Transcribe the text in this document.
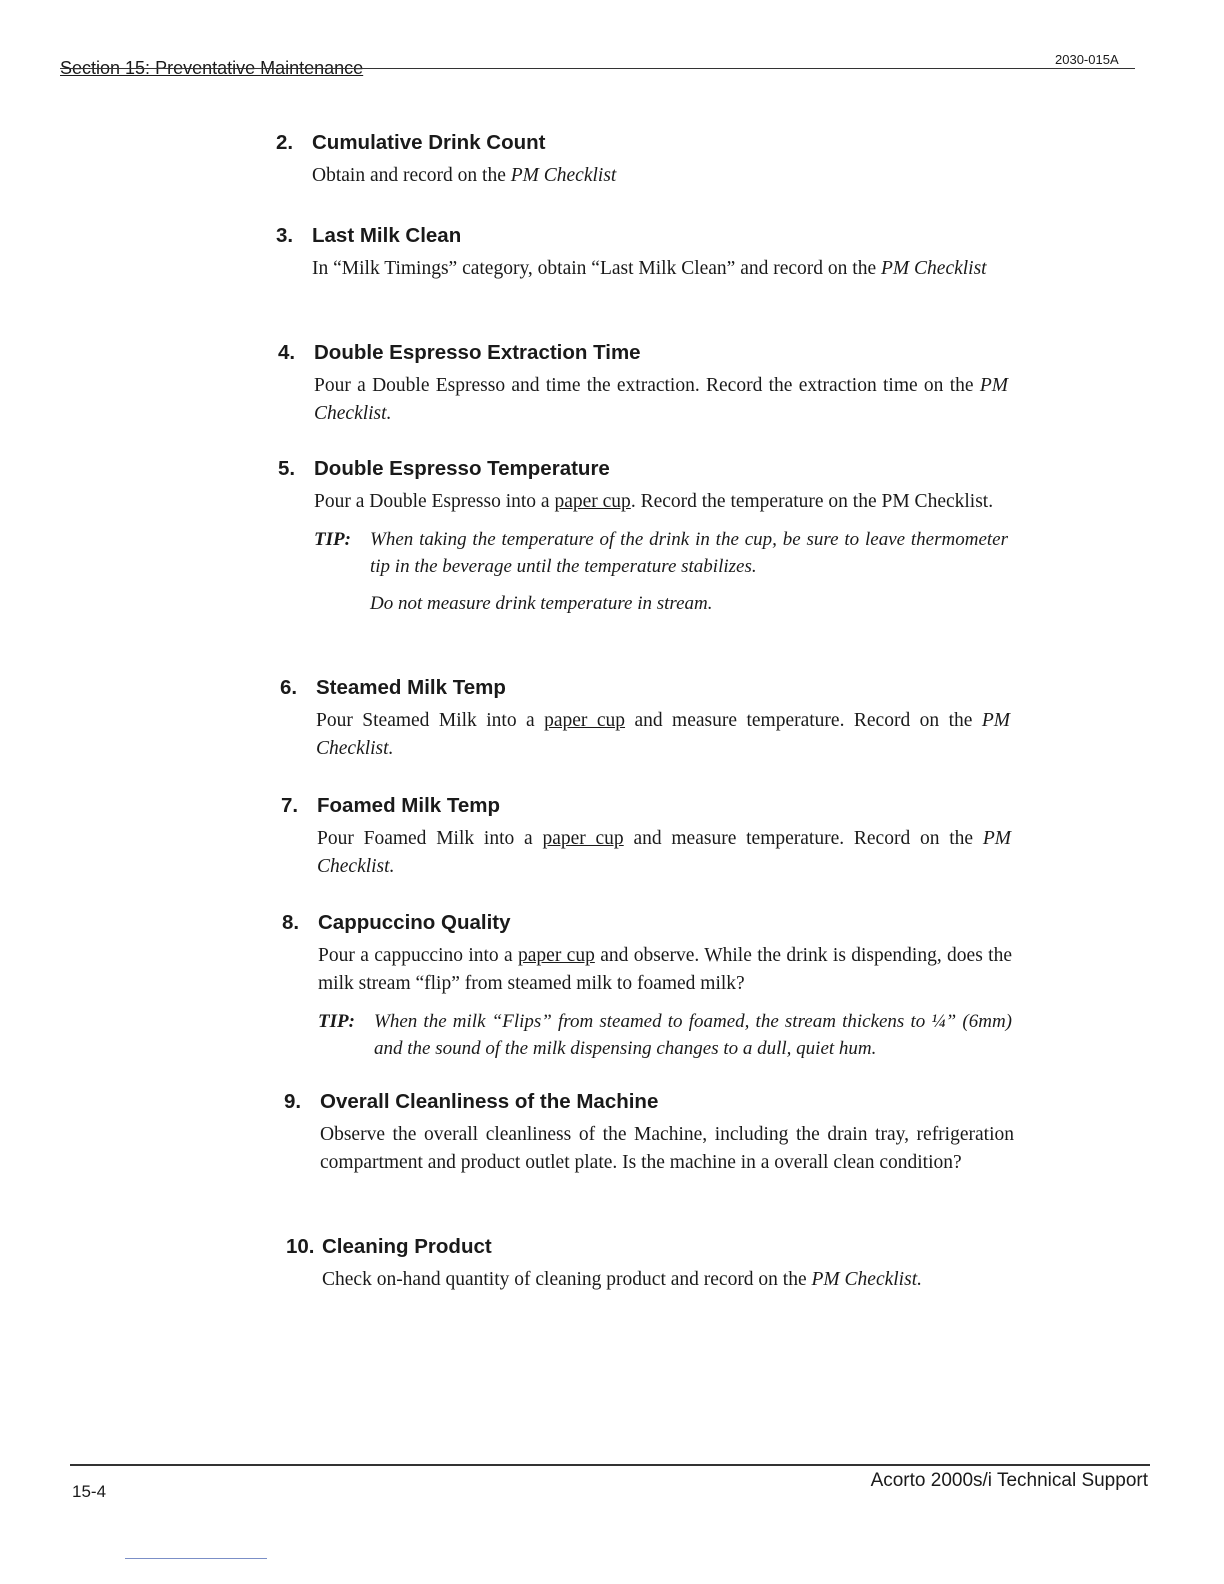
Section 15: Preventative Maintenance	2030-015A
2. Cumulative Drink Count

Obtain and record on the PM Checklist

3. Last Milk Clean

In “Milk Timings” category, obtain “Last Milk Clean” and record on the PM Checklist

4. Double Espresso Extraction Time

Pour a Double Espresso and time the extraction. Record the extraction time on the PM Checklist.

5. Double Espresso Temperature

Pour a Double Espresso into a paper cup. Record the temperature on the PM Checklist.

TIP: When taking the temperature of the drink in the cup, be sure to leave thermometer tip in the beverage until the temperature stabilizes.

Do not measure drink temperature in stream.

6. Steamed Milk Temp

Pour Steamed Milk into a paper cup and measure temperature. Record on the PM Checklist.

7. Foamed Milk Temp

Pour Foamed Milk into a paper cup and measure temperature. Record on the PM Checklist.

8. Cappuccino Quality

Pour a cappuccino into a paper cup and observe. While the drink is dispending, does the milk stream “flip” from steamed milk to foamed milk?

TIP: When the milk “Flips” from steamed to foamed, the stream thickens to ¼” (6mm) and the sound of the milk dispensing changes to a dull, quiet hum.

9. Overall Cleanliness of the Machine

Observe the overall cleanliness of the Machine, including the drain tray, refrigeration compartment and product outlet plate. Is the machine in a overall clean condition?

10. Cleaning Product

Check on-hand quantity of cleaning product and record on the PM Checklist.

15-4
Acorto 2000s/i Technical Support
